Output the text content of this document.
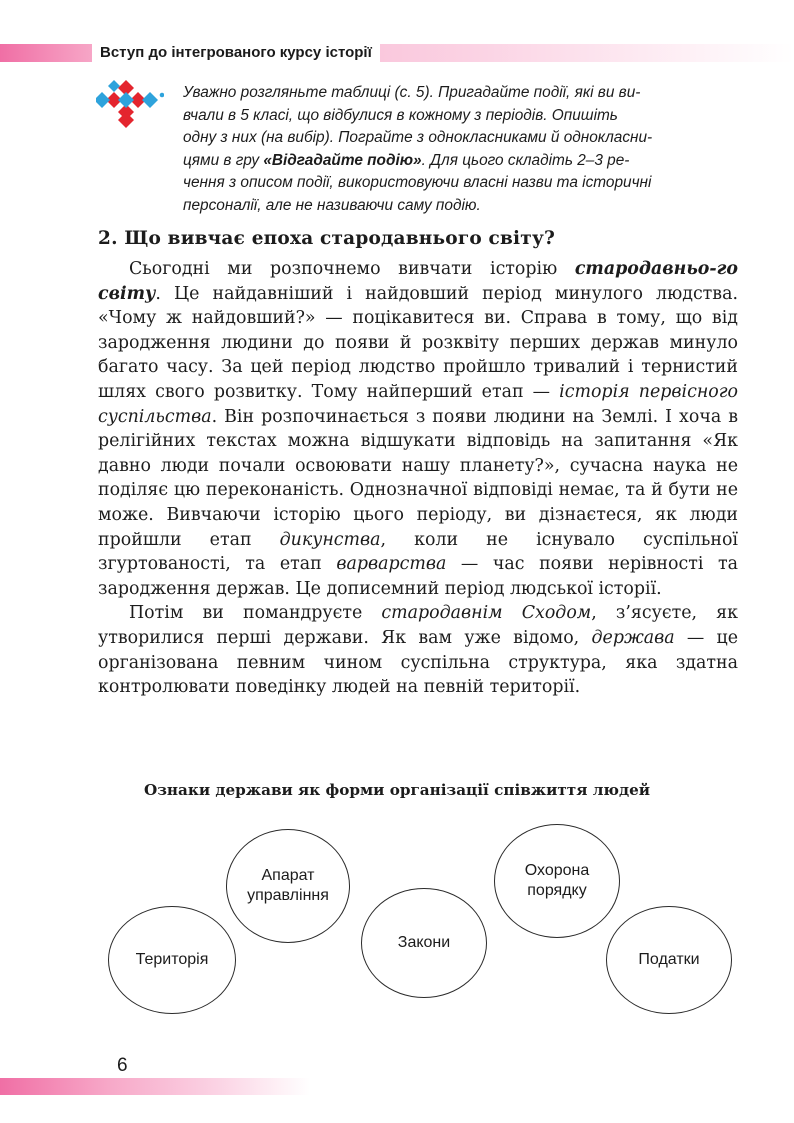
Вступ до інтегрованого курсу історії
Уважно розгляньте таблиці (с. 5). Пригадайте події, які ви ви-
вчали в 5 класі, що відбулися в кожному з періодів. Опишіть
одну з них (на вибір). Пограйте з однокласниками й однокласни-
цями в гру «Відгадайте подію». Для цього складіть 2–3 ре-
чення з описом події, використовуючи власні назви та історичні
персоналії, але не називаючи саму подію.
2. Що вивчає епоха стародавнього світу?

Сьогодні ми розпочнемо вивчати історію стародавньо-го світу. Це найдавніший і найдовший період минулого людства. «Чому ж найдовший?» — поцікавитеся ви. Справа в тому, що від зародження людини до появи й розквіту перших держав минуло багато часу. За цей період людство пройшло тривалий і тернистий шлях свого розвитку. Тому найперший етап — історія первісного суспільства. Він розпочинається з появи людини на Землі. І хоча в релігійних текстах можна відшукати відповідь на запитання «Як давно люди почали освоювати нашу планету?», сучасна наука не поділяє цю переконаність. Однозначної відповіді немає, та й бути не може. Вивчаючи історію цього періоду, ви дізнаєтеся, як люди пройшли етап дикунства, коли не існувало суспільної згуртованості, та етап варварства — час появи нерівності та зародження держав. Це дописемний період людської історії.

Потім ви помандруєте стародавнім Сходом, з’ясуєте, як утворилися перші держави. Як вам уже відомо, держава — це організована певним чином суспільна структура, яка здатна контролювати поведінку людей на певній території.

Ознаки держави як форми організації співжиття людей
Територія
Апарат управління
Закони
Охорона порядку
Податки
6
